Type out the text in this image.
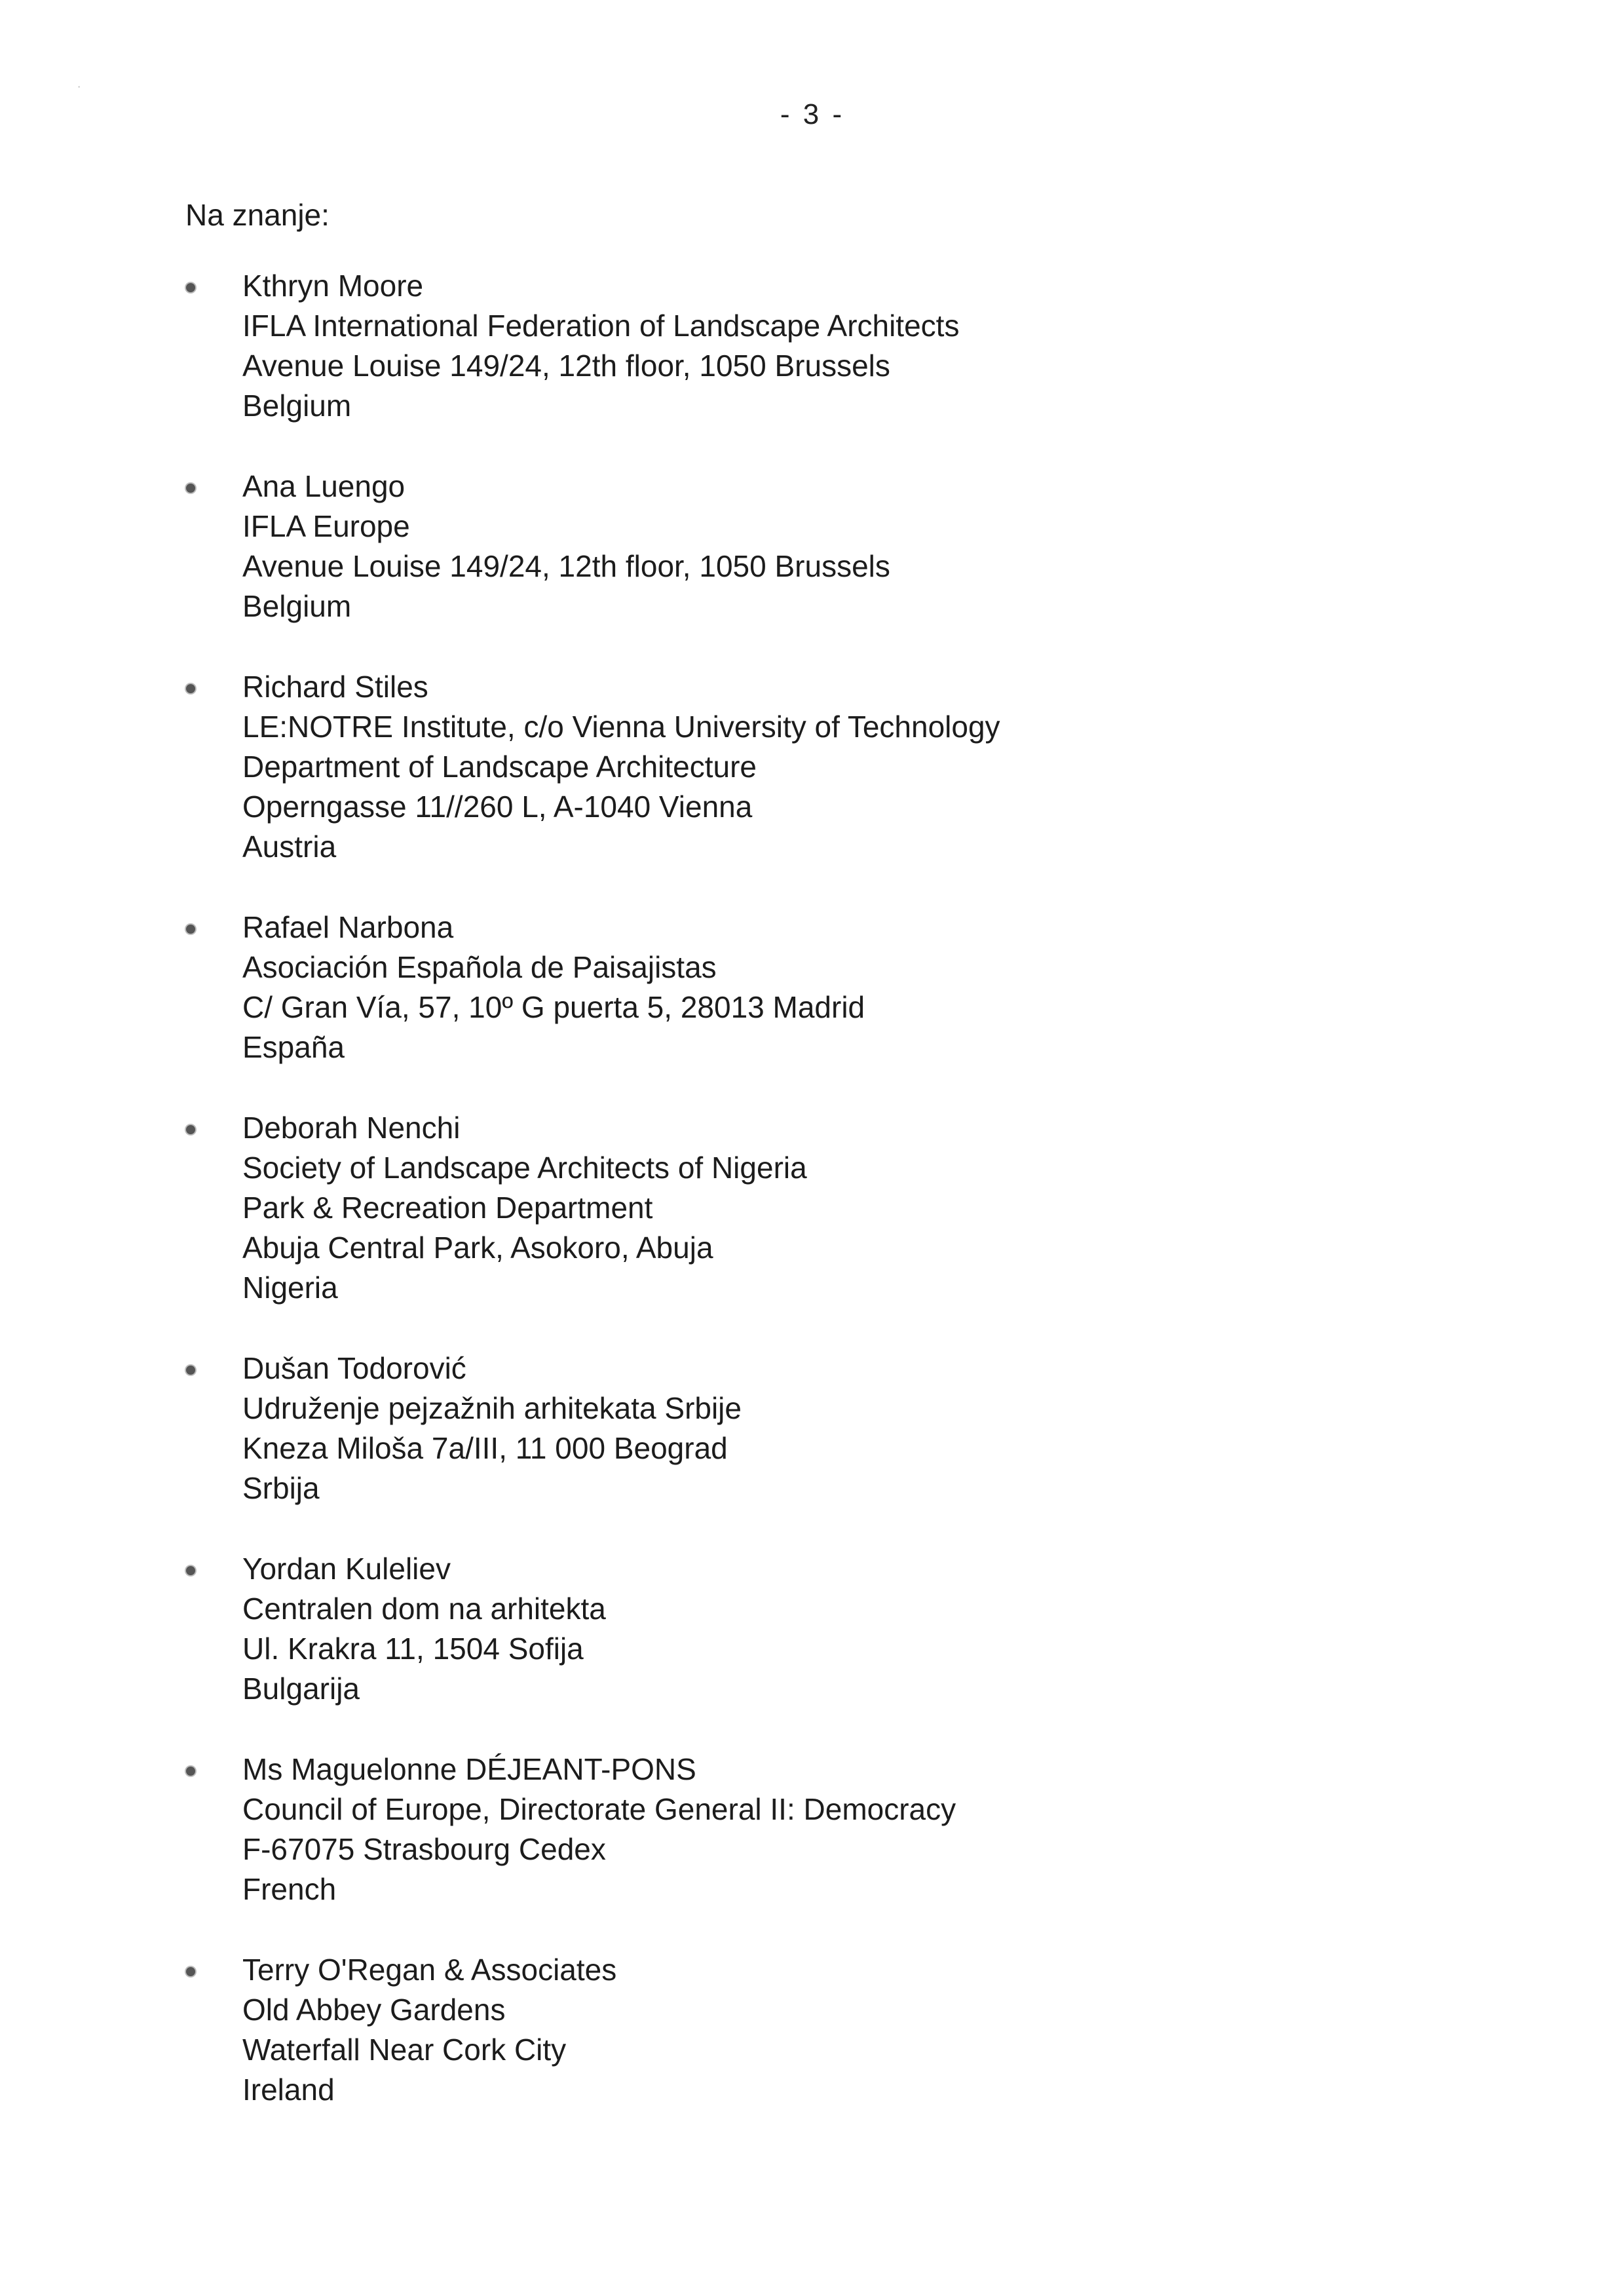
- 3 -
˙
Na znanje:
Kthryn Moore
IFLA International Federation of Landscape Architects
Avenue Louise 149/24, 12th floor, 1050 Brussels
Belgium
Ana Luengo
IFLA Europe
Avenue Louise 149/24, 12th floor, 1050 Brussels
Belgium
Richard Stiles
LE:NOTRE Institute, c/o Vienna University of Technology
Department of Landscape Architecture
Operngasse 11//260 L, A-1040 Vienna
Austria
Rafael Narbona
Asociación Española de Paisajistas
C/ Gran Vía, 57, 10º G puerta 5, 28013 Madrid
España
Deborah Nenchi
Society of Landscape Architects of Nigeria
Park & Recreation Department
Abuja Central Park, Asokoro, Abuja
Nigeria
Dušan Todorović
Udruženje pejzažnih arhitekata Srbije
Kneza Miloša 7a/III, 11 000 Beograd
Srbija
Yordan Kuleliev
Centralen dom na arhitekta
Ul. Krakra 11, 1504 Sofija
Bulgarija
Ms Maguelonne DÉJEANT-PONS
Council of Europe, Directorate General II: Democracy
F-67075 Strasbourg Cedex
French
Terry O'Regan & Associates
Old Abbey Gardens
Waterfall Near Cork City
Ireland
